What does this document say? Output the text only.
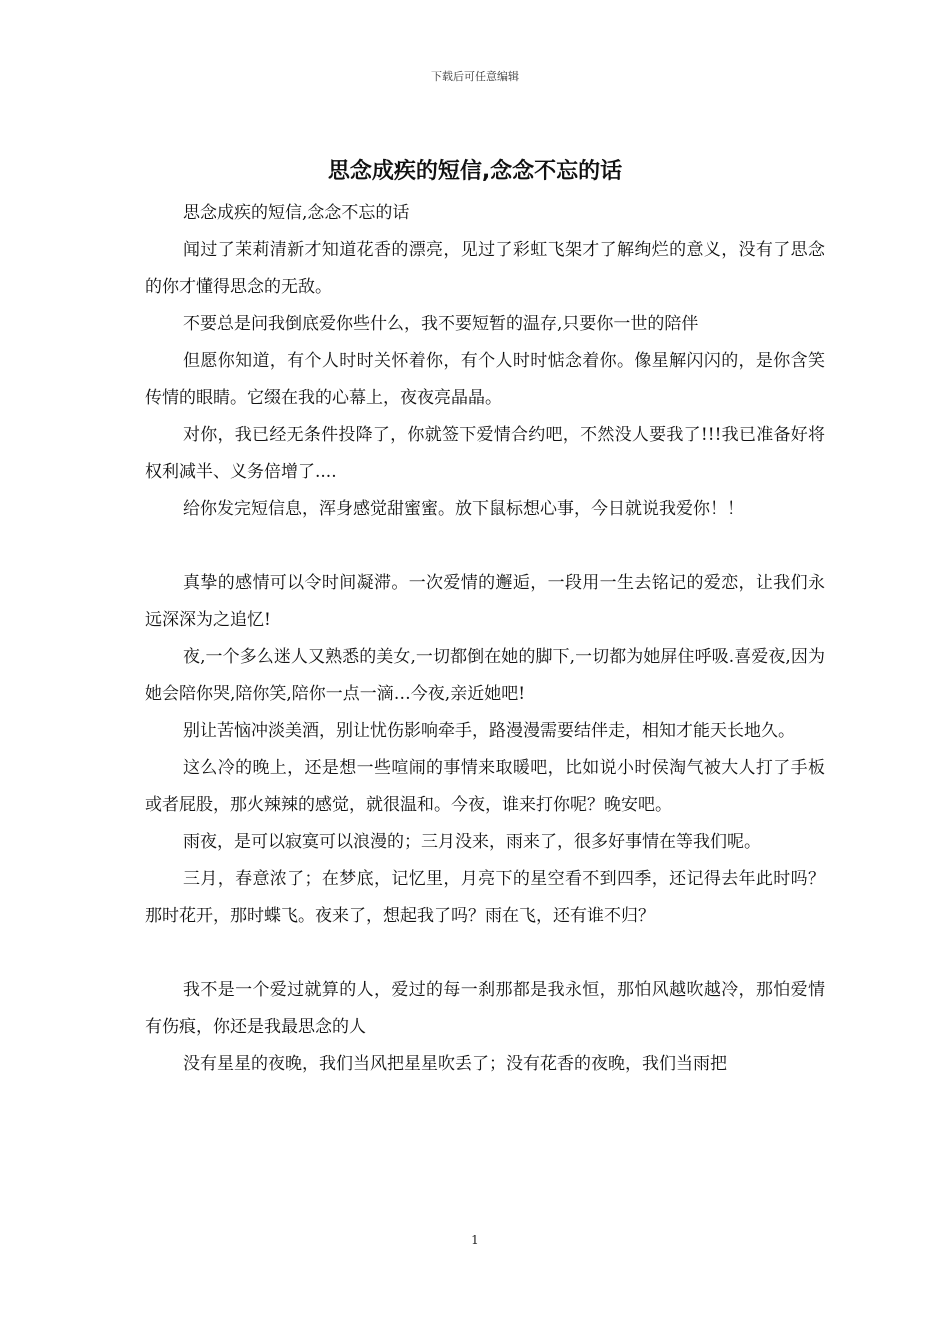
下载后可任意编辑
思念成疾的短信,念念不忘的话

思念成疾的短信,念念不忘的话

闻过了茉莉清新才知道花香的漂亮，见过了彩虹飞架才了解绚烂的意义，没有了思念的你才懂得思念的无敌。

不要总是问我倒底爱你些什么，我不要短暂的温存,只要你一世的陪伴

但愿你知道，有个人时时关怀着你，有个人时时惦念着你。像星解闪闪的，是你含笑传情的眼睛。它缀在我的心幕上，夜夜亮晶晶。

对你，我已经无条件投降了，你就签下爱情合约吧，不然没人要我了!!!我已准备好将权利减半、义务倍增了....

给你发完短信息，浑身感觉甜蜜蜜。放下鼠标想心事，今日就说我爱你！！

真挚的感情可以令时间凝滞。一次爱情的邂逅，一段用一生去铭记的爱恋，让我们永远深深为之追忆!

夜,一个多么迷人又熟悉的美女,一切都倒在她的脚下,一切都为她屏住呼吸.喜爱夜,因为她会陪你哭,陪你笑,陪你一点一滴…今夜,亲近她吧!

别让苦恼冲淡美酒，别让忧伤影响牵手，路漫漫需要结伴走，相知才能天长地久。

这么冷的晚上，还是想一些喧闹的事情来取暖吧，比如说小时侯淘气被大人打了手板或者屁股，那火辣辣的感觉，就很温和。今夜，谁来打你呢？晚安吧。

雨夜，是可以寂寞可以浪漫的；三月没来，雨来了，很多好事情在等我们呢。

三月，春意浓了；在梦底，记忆里，月亮下的星空看不到四季，还记得去年此时吗？那时花开，那时蝶飞。夜来了，想起我了吗？雨在飞，还有谁不归？

我不是一个爱过就算的人，爱过的每一刹那都是我永恒，那怕风越吹越冷，那怕爱情有伤痕，你还是我最思念的人

没有星星的夜晚，我们当风把星星吹丢了；没有花香的夜晚，我们当雨把

1
